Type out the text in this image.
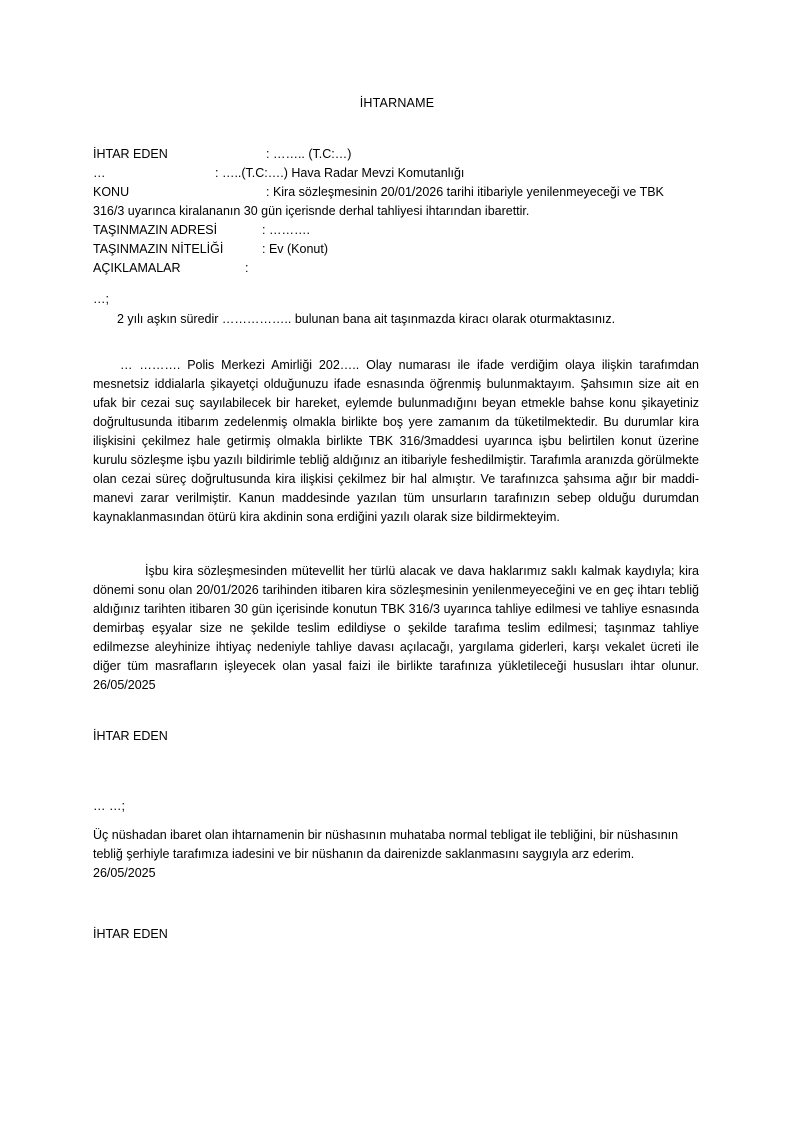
İHTARNAME
İHTAR EDEN	: …….. (T.C:…)
…	: …..(T.C:….) Hava Radar Mevzi Komutanlığı
KONU	: Kira sözleşmesinin 20/01/2026 tarihi itibariyle yenilenmeyeceği ve TBK
316/3 uyarınca kiralananın 30 gün içerisnde derhal tahliyesi ihtarından ibarettir.
TAŞINMAZIN ADRESİ	: ……….
TAŞINMAZIN NİTELİĞİ	: Ev (Konut)
AÇIKLAMALAR	:
…;
2 yılı aşkın süredir …………….. bulunan bana ait taşınmazda kiracı olarak oturmaktasınız.
… ………. Polis Merkezi Amirliği 202….. Olay numarası ile ifade verdiğim olaya ilişkin tarafımdan mesnetsiz iddialarla şikayetçi olduğunuzu ifade esnasında öğrenmiş bulunmaktayım. Şahsımın size ait en ufak bir cezai suç sayılabilecek bir hareket, eylemde bulunmadığını beyan etmekle bahse konu şikayetiniz doğrultusunda itibarım zedelenmiş olmakla birlikte boş yere zamanım da tüketilmektedir. Bu durumlar kira ilişkisini çekilmez hale getirmiş olmakla birlikte TBK 316/3maddesi uyarınca işbu belirtilen konut üzerine kurulu sözleşme işbu yazılı bildirimle tebliğ aldığınız an itibariyle feshedilmiştir. Tarafımla aranızda görülmekte olan cezai süreç doğrultusunda kira ilişkisi çekilmez bir hal almıştır. Ve tarafınızca şahsıma ağır bir maddi-manevi zarar verilmiştir. Kanun maddesinde yazılan tüm unsurların tarafınızın sebep olduğu durumdan kaynaklanmasından ötürü kira akdinin sona erdiğini yazılı olarak size bildirmekteyim.
İşbu kira sözleşmesinden mütevellit her türlü alacak ve dava haklarımız saklı kalmak kaydıyla; kira dönemi sonu olan 20/01/2026 tarihinden itibaren kira sözleşmesinin yenilenmeyeceğini ve en geç ihtarı tebliğ aldığınız tarihten itibaren 30 gün içerisinde konutun TBK 316/3 uyarınca tahliye edilmesi ve tahliye esnasında demirbaş eşyalar size ne şekilde teslim edildiyse o şekilde tarafıma teslim edilmesi; taşınmaz tahliye edilmezse aleyhinize ihtiyaç nedeniyle tahliye davası açılacağı, yargılama giderleri, karşı vekalet ücreti ile diğer tüm masrafların işleyecek olan yasal faizi ile birlikte tarafınıza yükletileceği hususları ihtar olunur. 26/05/2025
İHTAR EDEN
… …;
Üç nüshadan ibaret olan ihtarnamenin bir nüshasının muhataba normal tebligat ile tebliğini, bir nüshasının tebliğ şerhiyle tarafımıza iadesini ve bir nüshanın da dairenizde saklanmasını saygıyla arz ederim. 26/05/2025
İHTAR EDEN
